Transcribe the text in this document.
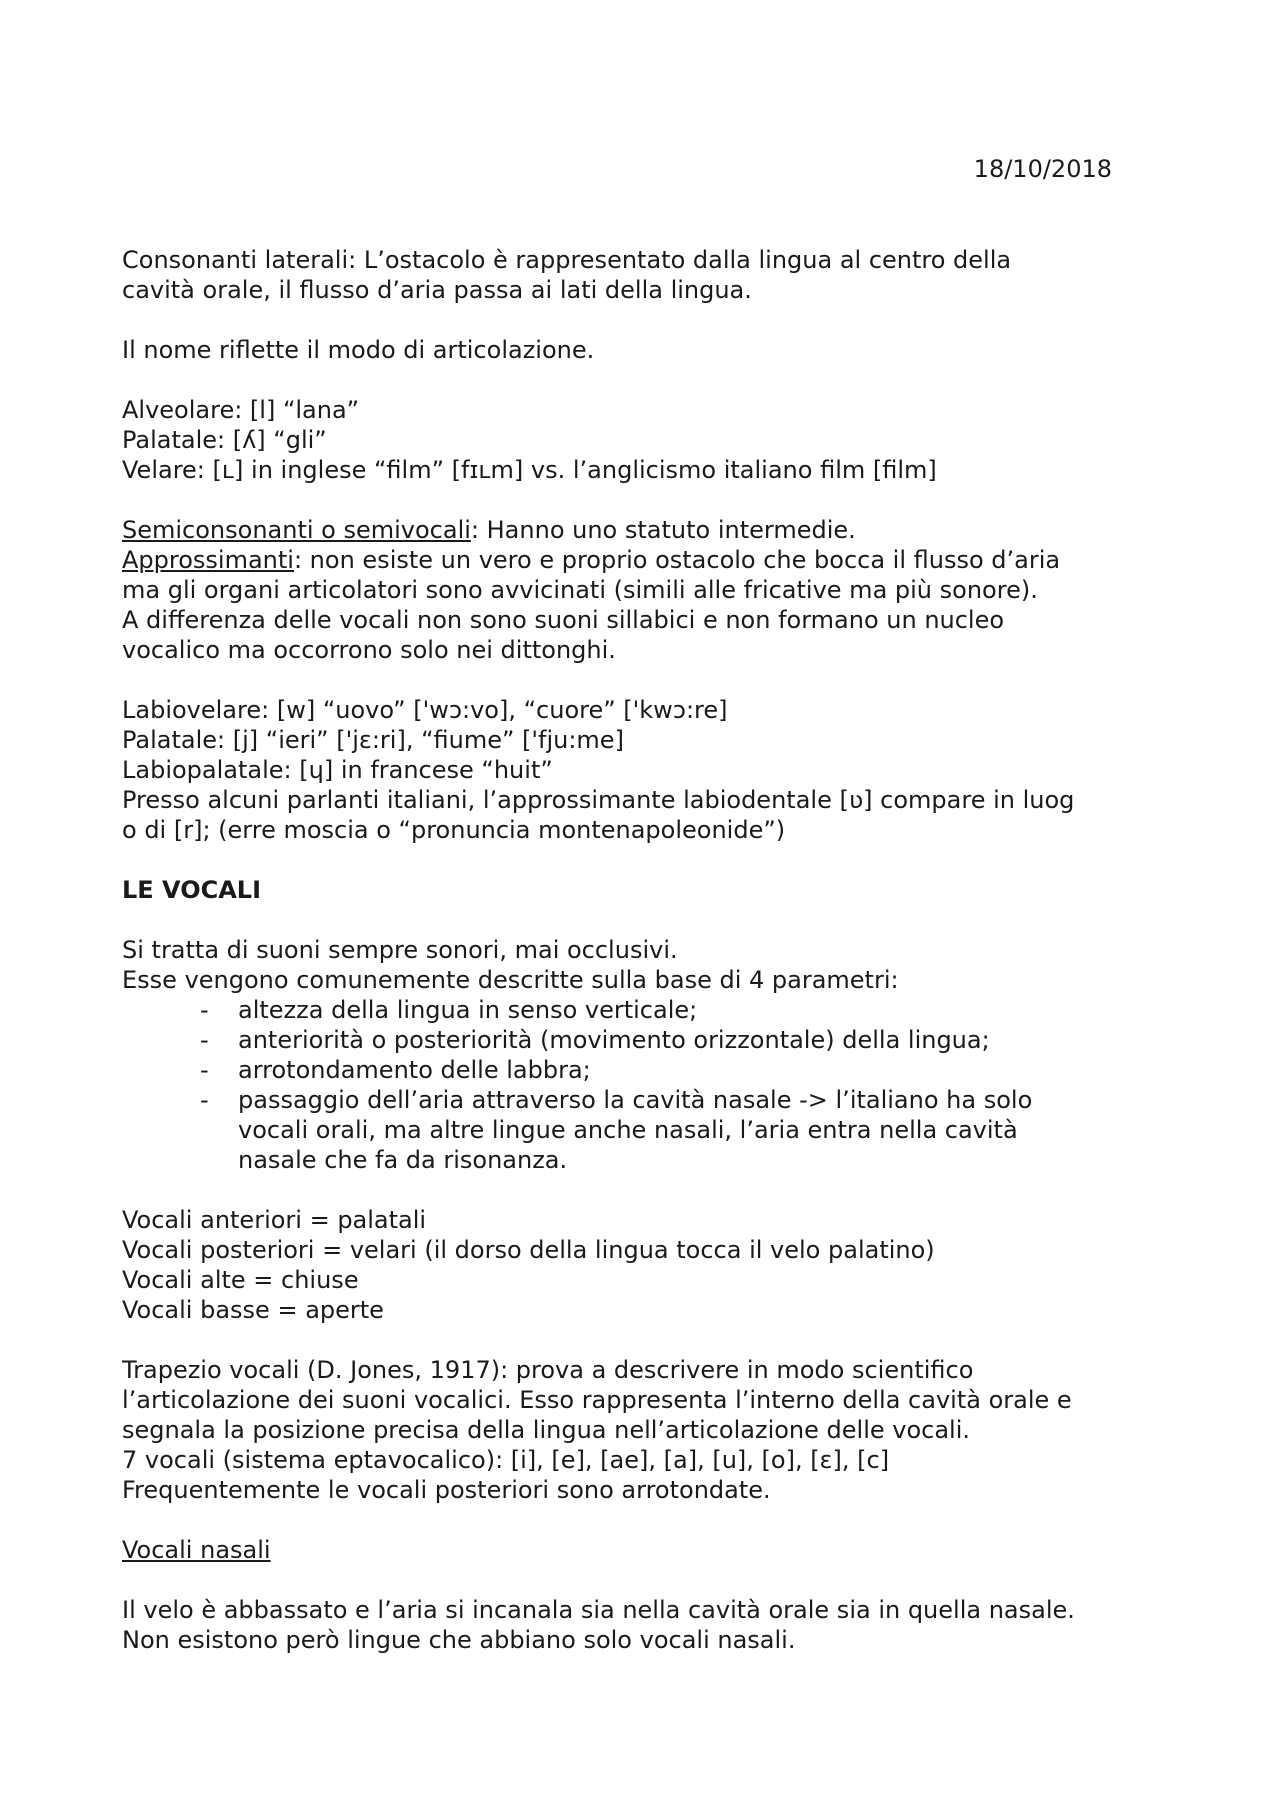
18/10/2018

Consonanti laterali: L’ostacolo è rappresentato dalla lingua al centro della

cavità orale, il flusso d’aria passa ai lati della lingua.

Il nome riflette il modo di articolazione.

Alveolare: [l] “lana”

Palatale: [ʎ] “gli”

Velare: [ʟ] in inglese “film” [fɪʟm] vs. l’anglicismo italiano film [film]

Semiconsonanti o semivocali: Hanno uno statuto intermedie.

Approssimanti: non esiste un vero e proprio ostacolo che bocca il flusso d’aria

ma gli organi articolatori sono avvicinati (simili alle fricative ma più sonore).

A differenza delle vocali non sono suoni sillabici e non formano un nucleo

vocalico ma occorrono solo nei dittonghi.

Labiovelare: [w] “uovo” ['wɔ:vo], “cuore” ['kwɔ:re]

Palatale: [j] “ieri” ['jɛ:ri], “fiume” ['fju:me]

Labiopalatale: [ɥ] in francese “huit”

Presso alcuni parlanti italiani, l’approssimante labiodentale [ʋ] compare in luog

o di [r]; (erre moscia o “pronuncia montenapoleonide”)

LE VOCALI

Si tratta di suoni sempre sonori, mai occlusivi.

Esse vengono comunemente descritte sulla base di 4 parametri:

- altezza della lingua in senso verticale;
- anteriorità o posteriorità (movimento orizzontale) della lingua;
- arrotondamento delle labbra;
- passaggio dell’aria attraverso la cavità nasale -> l’italiano ha solo
vocali orali, ma altre lingue anche nasali, l’aria entra nella cavità
nasale che fa da risonanza.

Vocali anteriori = palatali

Vocali posteriori = velari (il dorso della lingua tocca il velo palatino)

Vocali alte = chiuse

Vocali basse = aperte

Trapezio vocali (D. Jones, 1917): prova a descrivere in modo scientifico

l’articolazione dei suoni vocalici. Esso rappresenta l’interno della cavità orale e

segnala la posizione precisa della lingua nell’articolazione delle vocali.

7 vocali (sistema eptavocalico): [i], [e], [ae], [a], [u], [o], [ɛ], [c]

Frequentemente le vocali posteriori sono arrotondate.

Vocali nasali

Il velo è abbassato e l’aria si incanala sia nella cavità orale sia in quella nasale.

Non esistono però lingue che abbiano solo vocali nasali.
